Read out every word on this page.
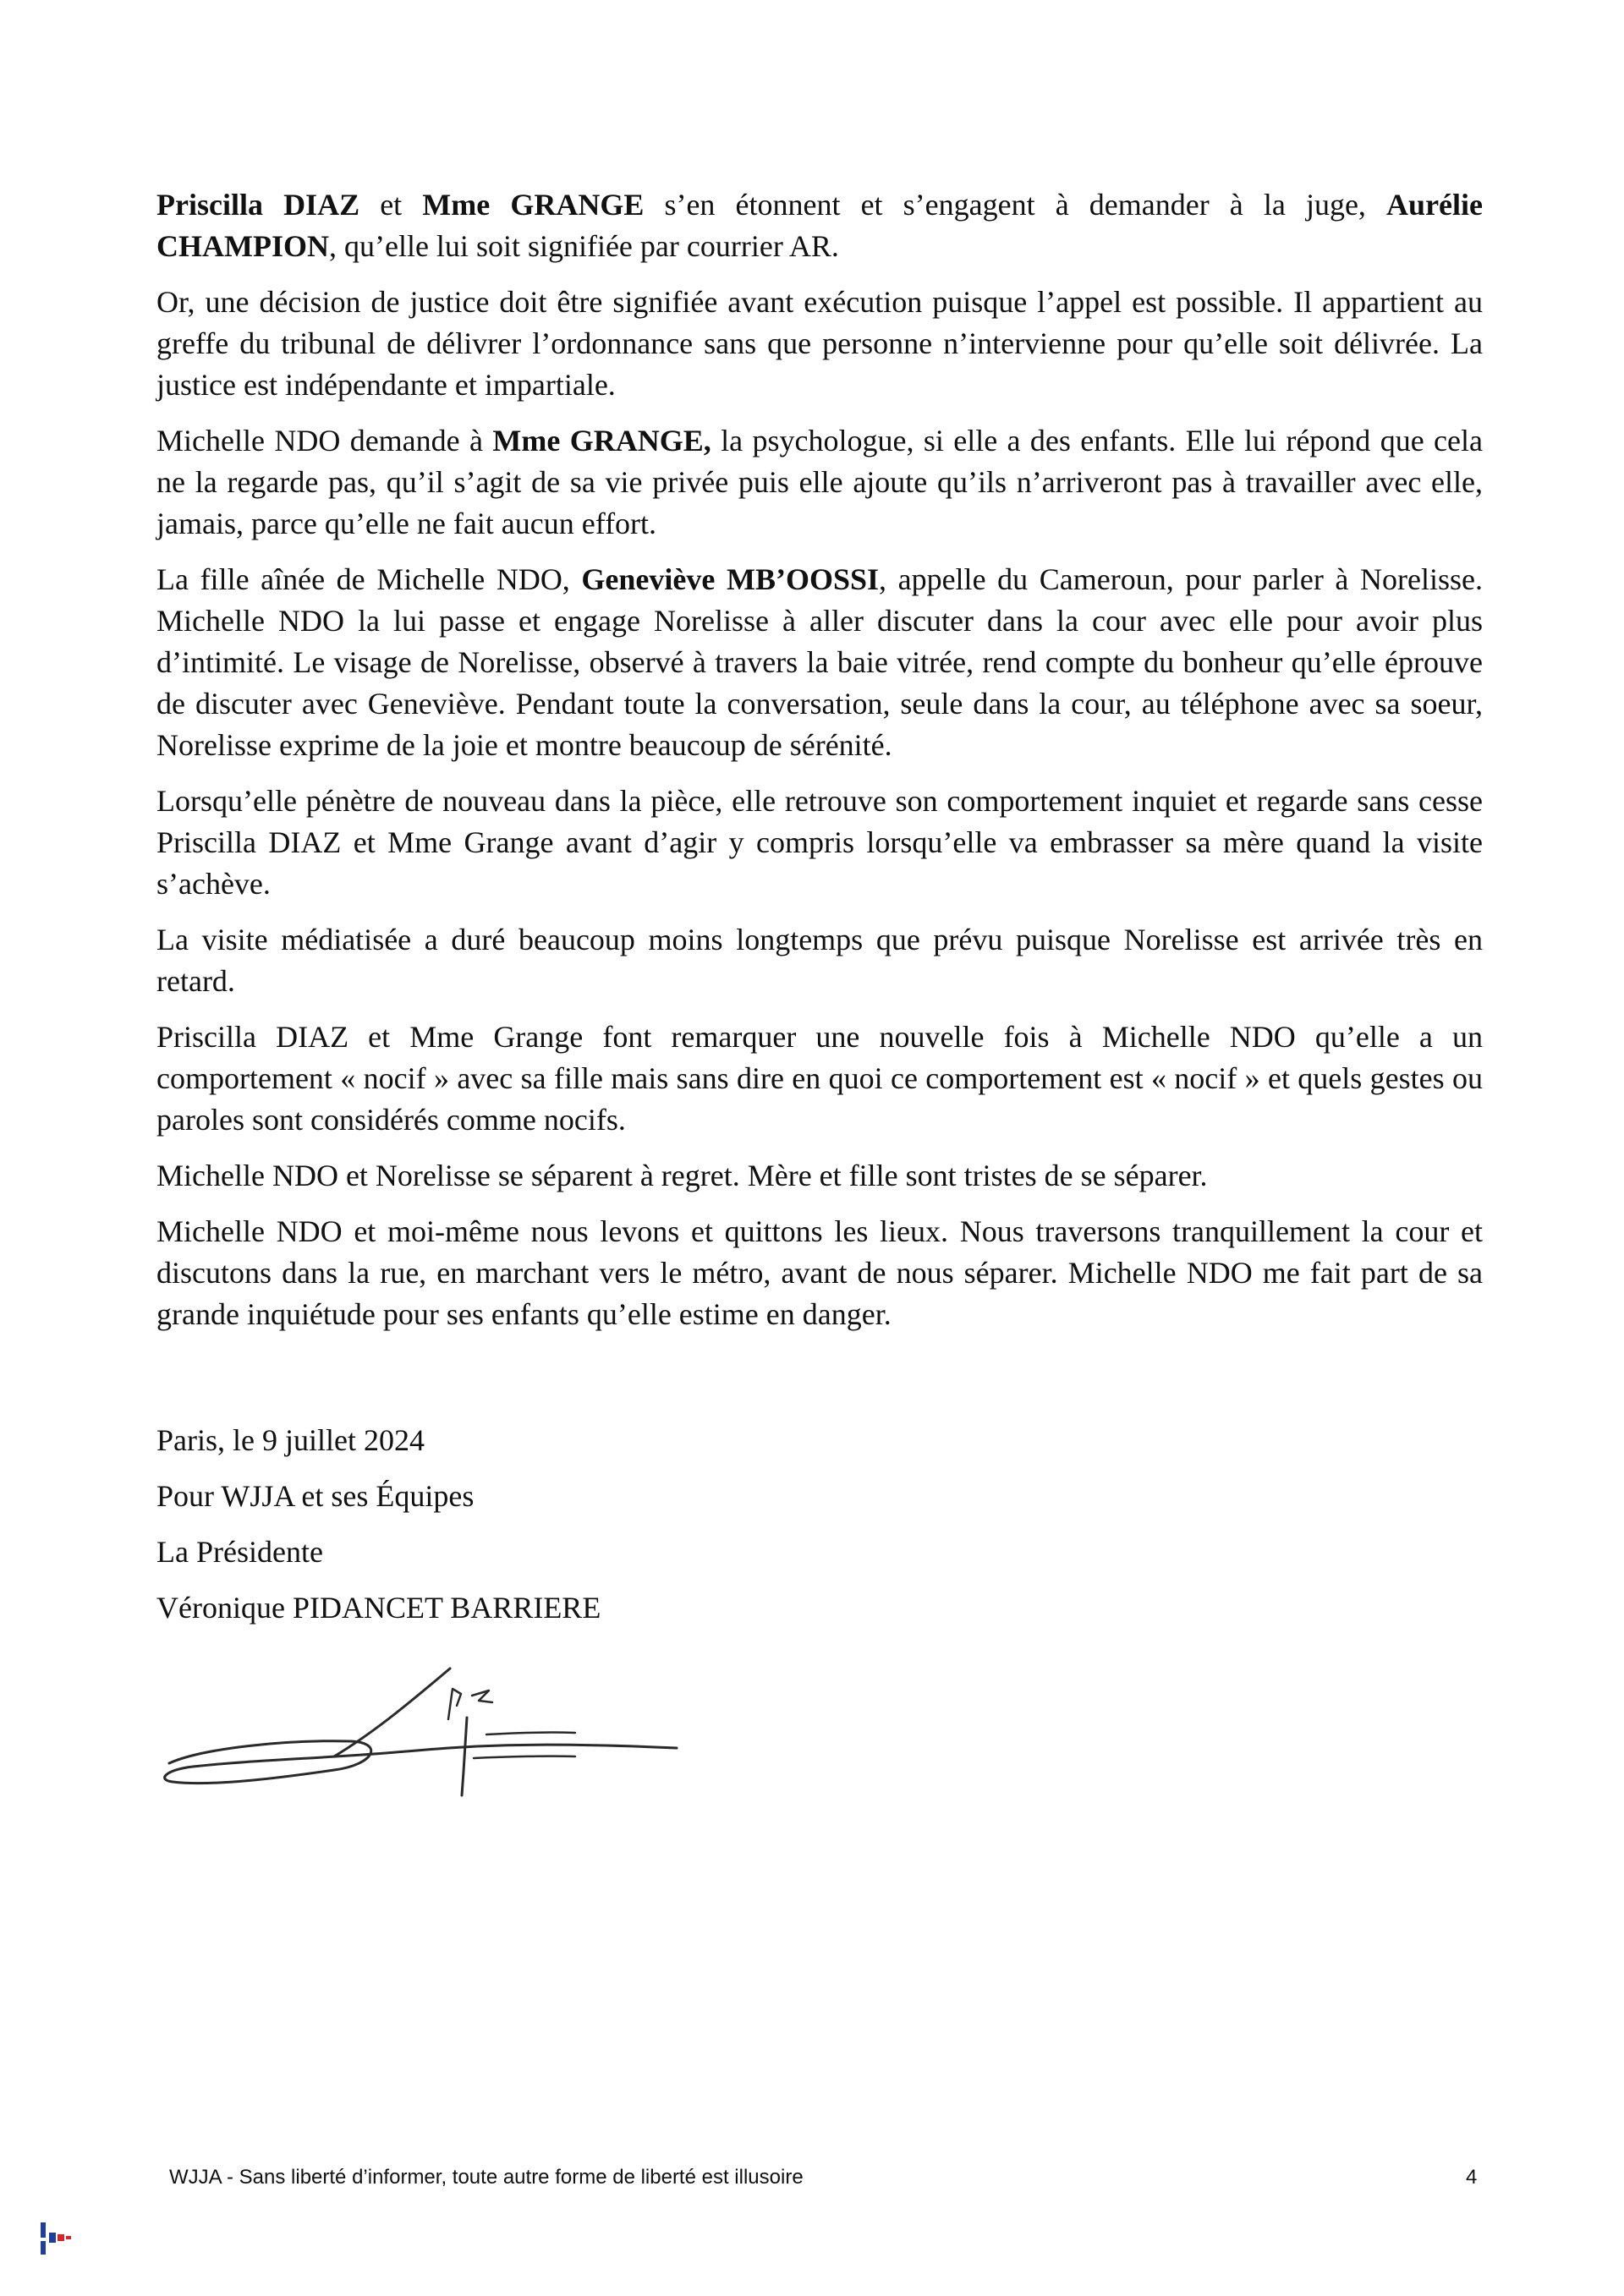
Priscilla DIAZ et Mme GRANGE s’en étonnent et s’engagent à demander à la juge, Aurélie CHAMPION, qu’elle lui soit signifiée par courrier AR.

Or, une décision de justice doit être signifiée avant exécution puisque l’appel est possible. Il appartient au greffe du tribunal de délivrer l’ordonnance sans que personne n’intervienne pour qu’elle soit délivrée. La justice est indépendante et impartiale.

Michelle NDO demande à Mme GRANGE, la psychologue, si elle a des enfants. Elle lui répond que cela ne la regarde pas, qu’il s’agit de sa vie privée puis elle ajoute qu’ils n’arriveront pas à travailler avec elle, jamais, parce qu’elle ne fait aucun effort.

La fille aînée de Michelle NDO, Geneviève MB’OOSSI, appelle du Cameroun, pour parler à Norelisse. Michelle NDO la lui passe et engage Norelisse à aller discuter dans la cour avec elle pour avoir plus d’intimité. Le visage de Norelisse, observé à travers la baie vitrée, rend compte du bonheur qu’elle éprouve de discuter avec Geneviève. Pendant toute la conversation, seule dans la cour, au téléphone avec sa soeur, Norelisse exprime de la joie et montre beaucoup de sérénité.

Lorsqu’elle pénètre de nouveau dans la pièce, elle retrouve son comportement inquiet et regarde sans cesse Priscilla DIAZ et Mme Grange avant d’agir y compris lorsqu’elle va embrasser sa mère quand la visite s’achève.

La visite médiatisée a duré beaucoup moins longtemps que prévu puisque Norelisse est arrivée très en retard.

Priscilla DIAZ et Mme Grange font remarquer une nouvelle fois à Michelle NDO qu’elle a un comportement « nocif » avec sa fille mais sans dire en quoi ce comportement est « nocif » et quels gestes ou paroles sont considérés comme nocifs.

Michelle NDO et Norelisse se séparent à regret. Mère et fille sont tristes de se séparer.

Michelle NDO et moi-même nous levons et quittons les lieux. Nous traversons tranquillement la cour et discutons dans la rue, en marchant vers le métro, avant de nous séparer. Michelle NDO me fait part de sa grande inquiétude pour ses enfants qu’elle estime en danger.

Paris, le 9 juillet 2024
Pour WJJA et ses Équipes
La Présidente
Véronique PIDANCET BARRIERE
WJJA - Sans liberté d’informer, toute autre forme de liberté est illusoire	4
